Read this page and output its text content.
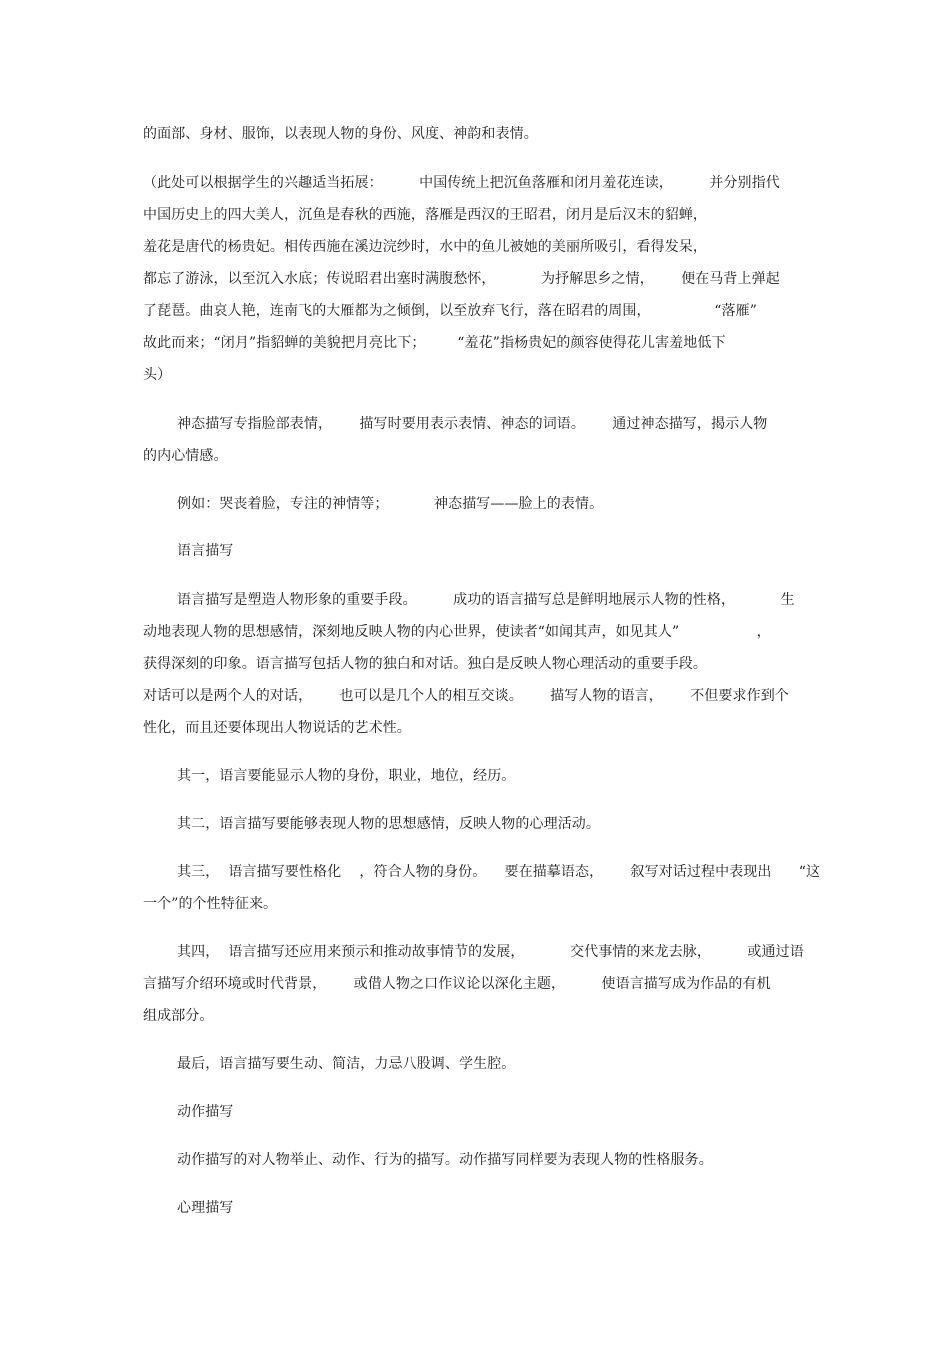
的面部、身材、服饰，以表现人物的身份、风度、神韵和表情。
（此处可以根据学生的兴趣适当拓展：        中国传统上把沉鱼落雁和闭月羞花连读，        并分别指代
中国历史上的四大美人，沉鱼是春秋的西施，落雁是西汉的王昭君，闭月是后汉末的貂蝉，
羞花是唐代的杨贵妃。相传西施在溪边浣纱时，水中的鱼儿被她的美丽所吸引，看得发呆，
都忘了游泳，以至沉入水底；传说昭君出塞时满腹愁怀，          为抒解思乡之情，      便在马背上弹起
了琵琶。曲哀人艳，连南飞的大雁都为之倾倒，以至放弃飞行，落在昭君的周围，              “落雁”
故此而来；“闭月”指貂蝉的美貌把月亮比下；       “羞花”指杨贵妃的颜容使得花儿害羞地低下
头）
神态描写专指脸部表情，      描写时要用表示表情、神态的词语。      通过神态描写，揭示人物
的内心情感。
例如：哭丧着脸，专注的神情等；          神态描写——脸上的表情。
语言描写
语言描写是塑造人物形象的重要手段。        成功的语言描写总是鲜明地展示人物的性格，          生
动地表现人物的思想感情，深刻地反映人物的内心世界，使读者“如闻其声，如见其人”                 ，
获得深刻的印象。语言描写包括人物的独白和对话。独白是反映人物心理活动的重要手段。
对话可以是两个人的对话，      也可以是几个人的相互交谈。      描写人物的语言，      不但要求作到个
性化，而且还要体现出人物说话的艺术性。
其一，语言要能显示人物的身份，职业，地位，经历。
其二，语言描写要能够表现人物的思想感情，反映人物的心理活动。
其三，  语言描写要性格化    ，符合人物的身份。    要在描摹语态，      叙写对话过程中表现出      “这
一个”的个性特征来。
其四，  语言描写还应用来预示和推动故事情节的发展，          交代事情的来龙去脉，        或通过语
言描写介绍环境或时代背景，      或借人物之口作议论以深化主题，        使语言描写成为作品的有机
组成部分。
最后，语言描写要生动、简洁，力忌八股调、学生腔。
动作描写
动作描写的对人物举止、动作、行为的描写。动作描写同样要为表现人物的性格服务。
心理描写
